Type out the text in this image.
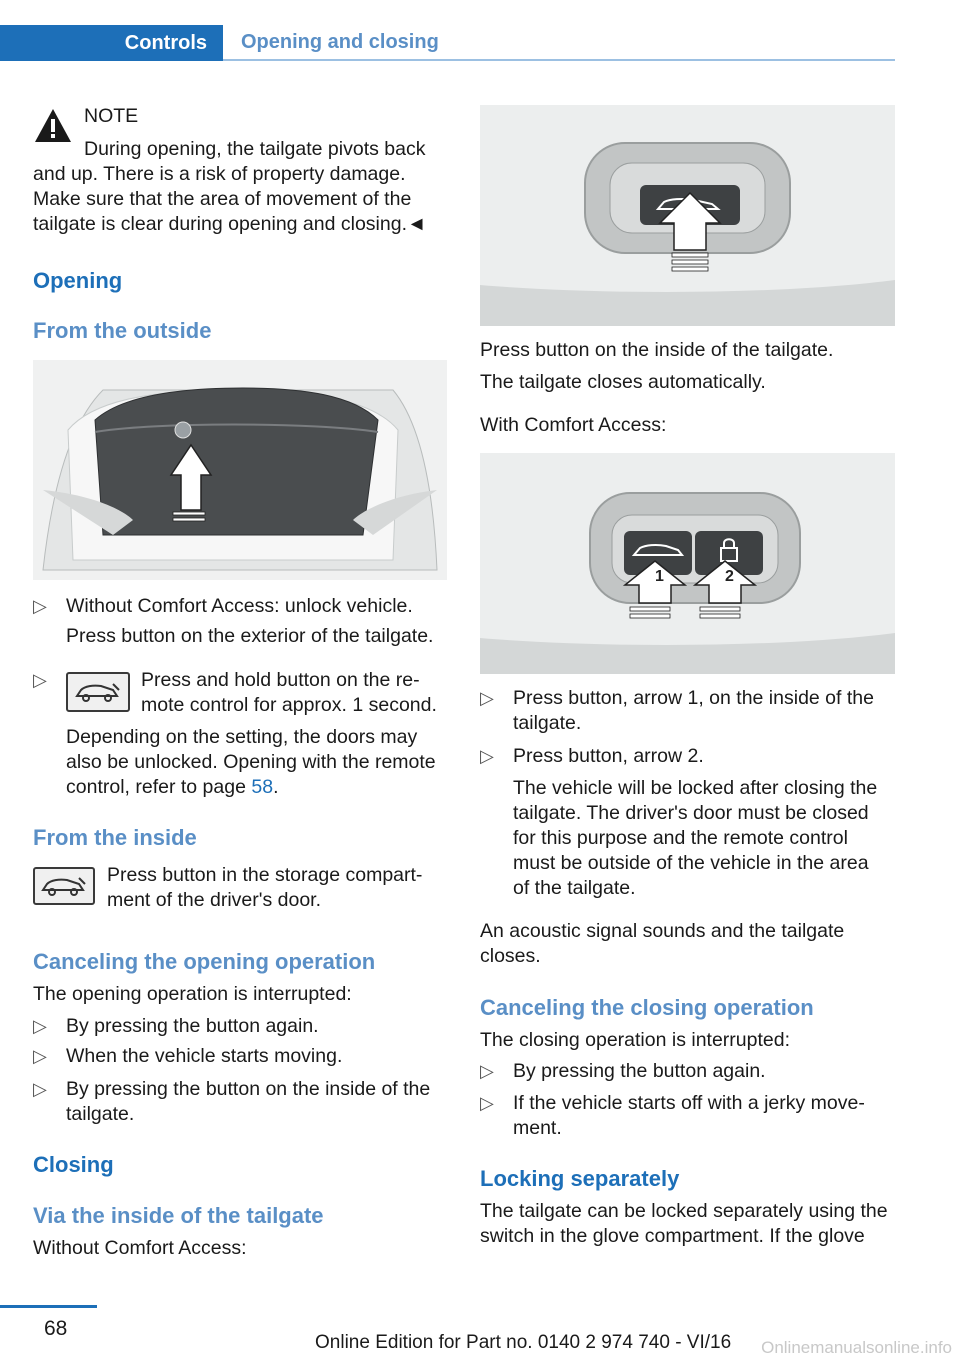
Controls	Opening and closing
NOTE
During opening, the tailgate pivots back
and up. There is a risk of property damage.
Make sure that the area of movement of the
tailgate is clear during opening and closing.◄
Opening
From the outside
▷ Without Comfort Access: unlock vehicle.
Press button on the exterior of the tailgate.
▷	Press and hold button on the re-
mote control for approx. 1 second.
Depending on the setting, the doors may
also be unlocked. Opening with the remote
control, refer to page 58.
From the inside
Press button in the storage compart-
ment of the driver's door.
Canceling the opening operation
The opening operation is interrupted:
▷ By pressing the button again.
▷ When the vehicle starts moving.
▷ By pressing the button on the inside of the
tailgate.
Closing
Via the inside of the tailgate
Without Comfort Access:
Press button on the inside of the tailgate.
The tailgate closes automatically.
With Comfort Access:
1	2
▷ Press button, arrow 1, on the inside of the
tailgate.
▷ Press button, arrow 2.
The vehicle will be locked after closing the
tailgate. The driver's door must be closed
for this purpose and the remote control
must be outside of the vehicle in the area
of the tailgate.
An acoustic signal sounds and the tailgate
closes.
Canceling the closing operation
The closing operation is interrupted:
▷ By pressing the button again.
▷ If the vehicle starts off with a jerky move-
ment.
Locking separately
The tailgate can be locked separately using the
switch in the glove compartment. If the glove
68
Online Edition for Part no. 0140 2 974 740 - VI/16 Onlinemanualsonline.info
